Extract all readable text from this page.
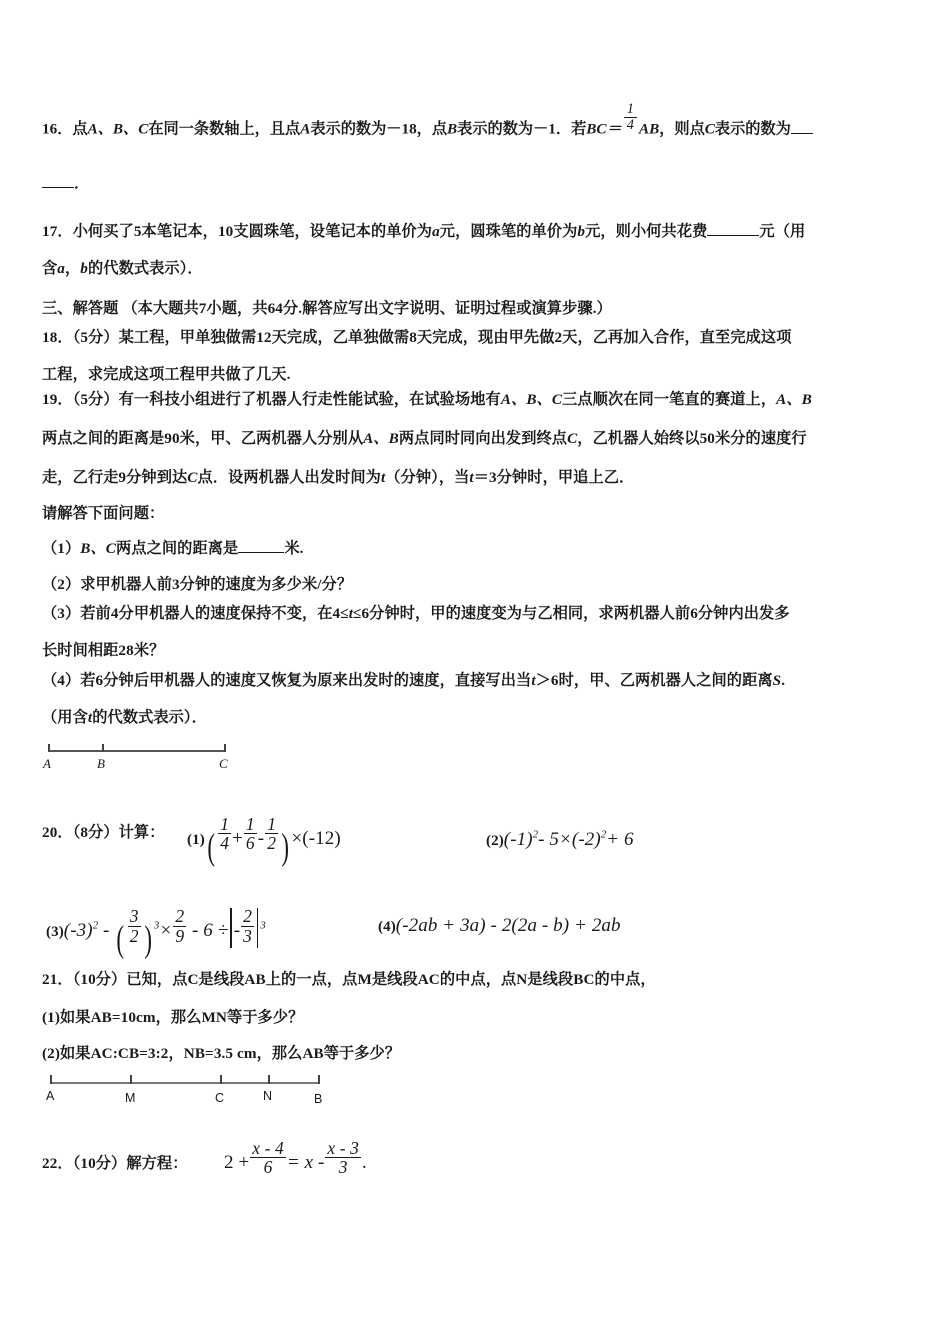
16．点A、B、C在同一条数轴上，且点A表示的数为－18，点B表示的数为－1．若$BC= \frac{1}{4}$ AB，则点C表示的数为
．
17．小何买了5本笔记本，10支圆珠笔，设笔记本的单价为a元，圆珠笔的单价为b元，则小何共花费	元（用
含a，b的代数式表示）．
三、解答题 （本大题共7小题，共64分.解答应写出文字说明、证明过程或演算步骤.）
18．（5分）某工程，甲单独做需12天完成，乙单独做需8天完成，现由甲先做2天，乙再加入合作，直至完成这项
工程，求完成这项工程甲共做了几天.
19．（5分）有一科技小组进行了机器人行走性能试验，在试验场地有A、B、C三点顺次在同一笔直的赛道上，A、B
两点之间的距离是90米，甲、乙两机器人分别从A、B两点同时同向出发到终点C，乙机器人始终以50米分的速度行
走，乙行走9分钟到达C点．设两机器人出发时间为t（分钟），当t＝3分钟时，甲追上乙．
请解答下面问题：
（1）B、C两点之间的距离是	米.
（2）求甲机器人前3分钟的速度为多少米/分？
（3）若前4分甲机器人的速度保持不变，在4≤t≤6分钟时，甲的速度变为与乙相同，求两机器人前6分钟内出发多
长时间相距28米？
（4）若6分钟后甲机器人的速度又恢复为原来出发时的速度，直接写出当t＞6时，甲、乙两机器人之间的距离S.
（用含t的代数式表示）．
A	B	C
20．（8分）计算： $(1)( \frac{1}{4} + \frac{1}{6} - \frac{1}{2}$ ) ×(-12)	$(2)(-1)^2-$ $5\times(-2)^2+ 6$
$(3)(-3)^2$ - ( $\frac{3}{2}$ ) $^3\times \frac{2}{9} - 6$ ÷ - $\frac{2}{3} ^3$	(4)(-2ab + 3a) - 2(2a - b) + 2ab
21．（10分）已知，点C是线段AB上的一点，点M是线段AC的中点，点N是线段BC的中点，
(1)如果AB=10cm，那么MN等于多少？
(2)如果AC:CB=3:2，NB=3.5 cm，那么AB等于多少？
A	M	C	N	B
22．（10分）解方程： $2 + \frac{x - 4}{6} = x - \frac{x - 3}{3}$ .
